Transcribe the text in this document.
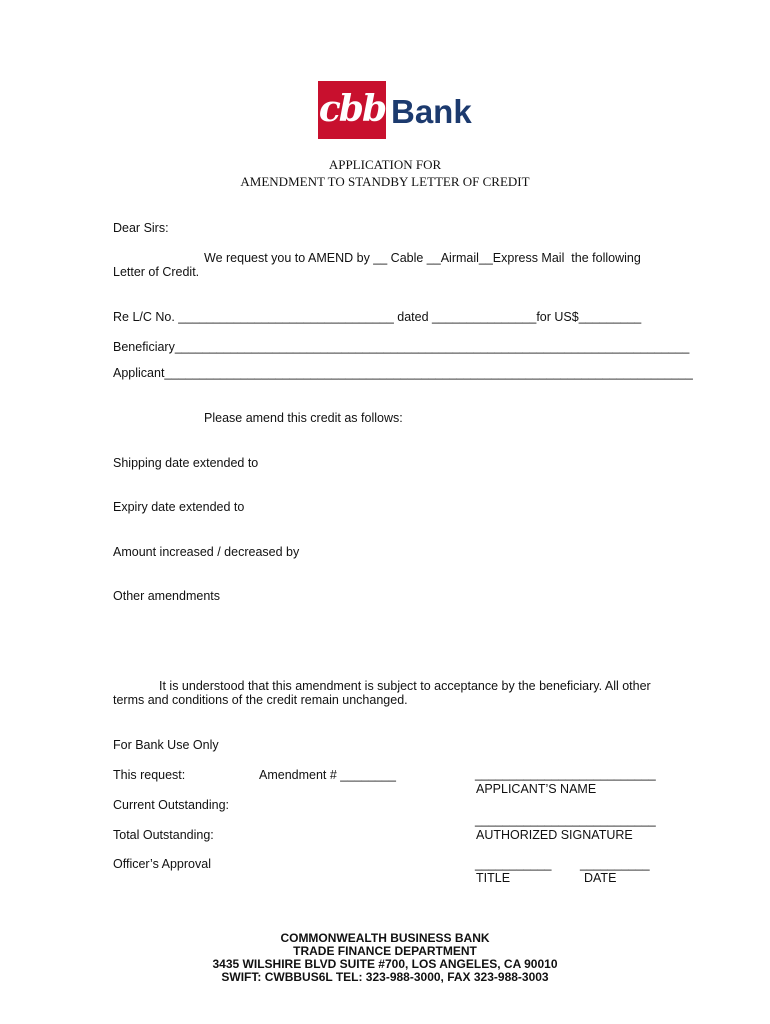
cbb Bank
APPLICATION FOR
AMENDMENT TO STANDBY LETTER OF CREDIT
Dear Sirs:
We request you to AMEND by __ Cable __Airmail__Express Mail  the following
Letter of Credit.
Re L/C No. _______________________________ dated _______________for US$_________
Beneficiary__________________________________________________________________________
Applicant____________________________________________________________________________
Please amend this credit as follows:
Shipping date extended to
Expiry date extended to
Amount increased / decreased by
Other amendments
It is understood that this amendment is subject to acceptance by the beneficiary. All other
terms and conditions of the credit remain unchanged.
For Bank Use Only
This request:	Amendment # ________
Current Outstanding:
Total Outstanding:
Officer’s Approval
__________________________
APPLICANT’S NAME
__________________________
AUTHORIZED SIGNATURE
___________
TITLE
__________
DATE
COMMONWEALTH BUSINESS BANK
TRADE FINANCE DEPARTMENT
3435 WILSHIRE BLVD SUITE #700, LOS ANGELES, CA 90010
SWIFT: CWBBUS6L TEL: 323-988-3000, FAX 323-988-3003
